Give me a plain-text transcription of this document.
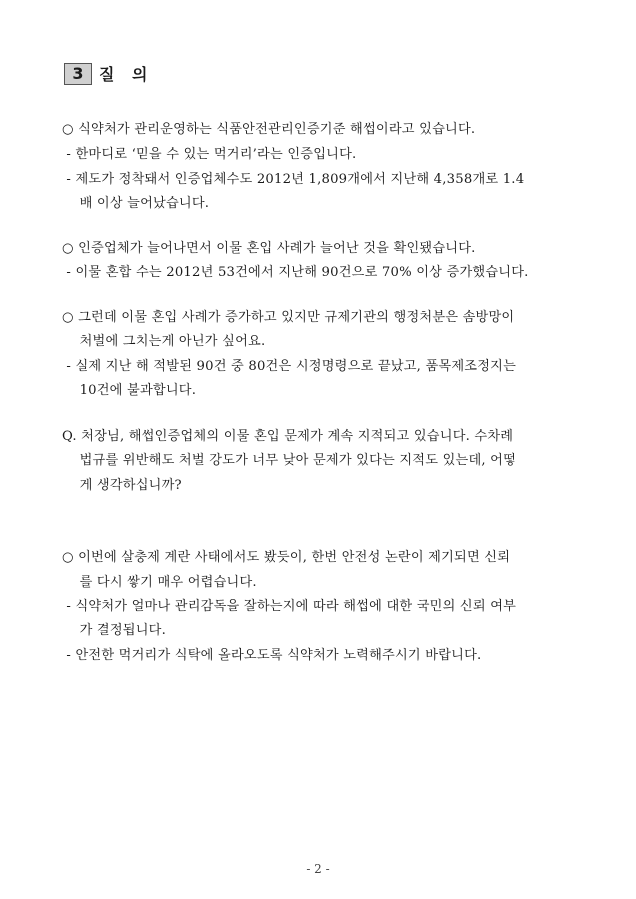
3 질 의
○ 식약처가 관리운영하는 식품안전관리인증기준 해썹이라고 있습니다.
- 한마디로 ‘믿을 수 있는 먹거리’라는 인증입니다.
- 제도가 정착돼서 인증업체수도 2012년 1,809개에서 지난해 4,358개로 1.4
배 이상 늘어났습니다.
○ 인증업체가 늘어나면서 이물 혼입 사례가 늘어난 것을 확인됐습니다.
- 이물 혼합 수는 2012년 53건에서 지난해 90건으로 70% 이상 증가했습니다.
○ 그런데 이물 혼입 사례가 증가하고 있지만 규제기관의 행정처분은 솜방망이
처벌에 그치는게 아닌가 싶어요.
- 실제 지난 해 적발된 90건 중 80건은 시정명령으로 끝났고, 품목제조정지는
10건에 불과합니다.
Q. 처장님, 해썹인증업체의 이물 혼입 문제가 계속 지적되고 있습니다. 수차례
법규를 위반해도 처벌 강도가 너무 낮아 문제가 있다는 지적도 있는데, 어떻
게 생각하십니까?
○ 이번에 살충제 계란 사태에서도 봤듯이, 한번 안전성 논란이 제기되면 신뢰
를 다시 쌓기 매우 어렵습니다.
- 식약처가 얼마나 관리감독을 잘하는지에 따라 해썹에 대한 국민의 신뢰 여부
가 결정됩니다.
- 안전한 먹거리가 식탁에 올라오도록 식약처가 노력해주시기 바랍니다.
- 2 -
